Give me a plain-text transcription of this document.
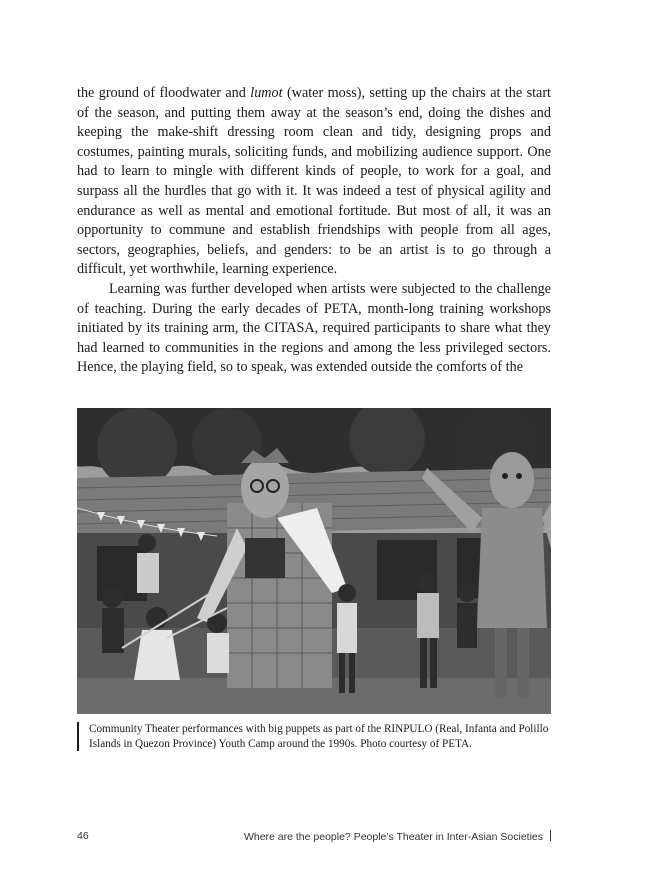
the ground of floodwater and lumot (water moss), setting up the chairs at the start of the season, and putting them away at the season’s end, doing the dishes and keeping the make-shift dressing room clean and tidy, designing props and costumes, painting murals, soliciting funds, and mobilizing audience support. One had to learn to mingle with different kinds of people, to work for a goal, and surpass all the hurdles that go with it. It was indeed a test of physical agility and endurance as well as mental and emotional fortitude. But most of all, it was an opportunity to commune and establish friendships with people from all ages, sectors, geographies, beliefs, and genders: to be an artist is to go through a difficult, yet worthwhile, learning experience.

Learning was further developed when artists were subjected to the challenge of teaching. During the early decades of PETA, month-long training workshops initiated by its training arm, the CITASA, required participants to share what they had learned to communities in the regions and among the less privileged sectors. Hence, the playing field, so to speak, was extended outside the comforts of the

Community Theater performances with big puppets as part of the RINPULO (Real, Infanta and Polillo Islands in Quezon Province) Youth Camp around the 1990s. Photo courtesy of PETA.
46	Where are the people? People’s Theater in Inter-Asian Societies
